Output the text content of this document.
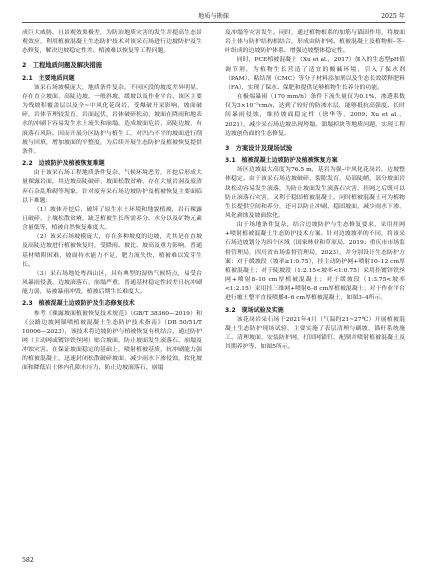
地质与勘探	2025 年

成巨大威胁，且景观效果极差，为防治地质灾害的发生并提高生态景观效应，利用植被混凝土生态防护技术对该采石场进行边坡防护及生态修复，解决边坡稳定性差、植被难以恢复等工程问题。

2　工程地质问题及解决措施
2.1　主要地质问题

该采石场坡模庞大，地质条件复杂，不同区段的坡度差异明显，存在直立坡面、高陡边坡、一般斜坡、缓坡以及作业平台。该区主要为残坡积覆盖层以及全~中风化花岗岩，受爆破开采影响，坡面破碎，岩体节理较发育，岩面起伏，岩体破碎松动，坡面在降雨和地表水的冲刷下容易发生水土流失和崩塌，造成坡面危岩、高陡边坡，有滚落石风险。因而开展分区防护与植生工，对凹凸不平的坡面进行削坡与回填，增加坡面的平整度，为后续开展生态防护及植被恢复提供条件。

2.2　边坡防护及植被恢复难题

由于该采石场工程地质条件复杂、气候环境恶劣，开挖后形成大量裸露岩面，其边坡高陡破碎、坡面松散贫瘠，存在大量岩洞及废渣弃石杂乱堆砌等现象，针对废弃采石场边坡防护及植被恢复主要面临以下难题：

（1）坡体开挖后，破坏了原生水土环境和地貌植被，岩石裸露且破碎、土壤松散贫瘠，缺乏植被生长所需养分、水分以及矿物元素含量低等，植被自然恢复难度大。

（2）该采石场坡模庞大，存在多种坡度的边坡，尤其是在直坡及高陡边坡进行植被恢复时，受降雨、坡比、坡高及重力影响，普通基材喷附困难，坡面持水能力不足，肥力流失快，植被难以发芽生长。

（3）采石场地处粤西山区，具有典型的湿热气候特点，易受台风暴雨侵袭，边坡滚落石、崩塌严重，普通基材稳定性较差且抗冲刷能力弱，易被暴雨冲毁，植被后期生长难度大。

2.3　植被混凝土边坡防护及生态修复技术

参考《裸露坡面植被恢复技术规范》（GB/T 38360—2019）和《公路边坡网锚喷植被混凝土生态防护技术指南》（DB 50/51/T 10006—2023），该技术将边坡防护与植被恢复有机结合，通过防护网（主动网或镀锌铁丝网）贴合坡面，防止坡面发生滚落石、崩塌及冲蚀灾害。在保证坡面稳定的基础上，喷射植被基质，抗冲刷能力强的植被混凝土，迅速封闭松散破碎坡面，减少雨水下渗侵蚀，软化坡面和降低岩土体内孔隙水压力，防止边坡滚落石、崩塌

及冲塌等灾害发生。同时，通过植物根系的加筋与锚固作用，将坡面岩土体与防护结构相结合，形成由防护网、植被混凝土及植物根–茎–叶组成的边坡防护体系，增强边坡整体稳定性。

同时，PCE植被混凝土（Xu et al.，2017）加入的生态型pH值调节剂，为植物生长营造了适宜的酸碱环境，引入了保水剂（PAM）、粘结剂（CMC）等分子材料添加剂以及生态长效缓释肥料（FA），实现了保水、保肥和提供足够植物生长养分的功能。

在极端暴雨（170 mm/h）条件下流失量仅为0.1%，渗透系数仅为3×10⁻⁵cm/s，达到了较好的防渗水层，能够抵抗高强度、长时间暴雨侵蚀，维持坡面稳定性（徐华等，2009；Xu et al.，2021），减少采石场边坡出现垮塌、溜塌掉块等地质问题，实现工程边坡创伤面的生态修复。

3　方案设计及现场试验
3.1　植被混凝土边坡防护及植被恢复方案

场区边坡最大高度为76.5 m，基岩为强–中风化花岗岩，边坡整体稳定。由于该采石场边坡破碎、裂隙发育，局部陡峭，部分坡面岩块松动容易发生滚落，为防止坡面发生滚落石灾害，挂网之后既可以防止滚落石灾害，又利于稳固植被混凝土。同时植被混凝土可为植物生长提供空间和养分，还可以防止冲刷、稳固坡面，减少雨水下渗、风化剥蚀及坡面软化。

由于场地条件复杂，结合边坡防护与生态修复要求，采用挂网+喷射植被混凝土生态防护技术方案。针对边坡坡率的不同，将该采石场边坡划分为四个区域（国家林业和草原局，2019；重庆市市场监督管理局，四川省市场监督管理局，2023），并分别设计生态防护方案：对于缓坡段（坡率≥1:0.75），挂主动防护网+喷射10–12 cm厚植被混凝土；对于陡坡段（1:2.15<坡率<1:0.75）采用挂镀锌铁丝网+喷射8–10 cm厚植被混凝土；对于缓坡段（1:3.75<坡率<1:2.15）采用挂三维网+喷射6–8 cm厚植被混凝土；对于作业平台进行覆土整平直接喷播4–6 cm厚植被混凝土，如图3–4所示。

3.2　现场试验及实施

该花岗岩采石场于2021年4月（气温约21~27℃）开展植被混凝土生态防护现场试验，主要实施了表层清理与刷坡、锚杆系统施工、清理坡面、安装防护网，打固网锚钉、配制并喷射植被混凝土及其期养护等，如图5所示。

582
